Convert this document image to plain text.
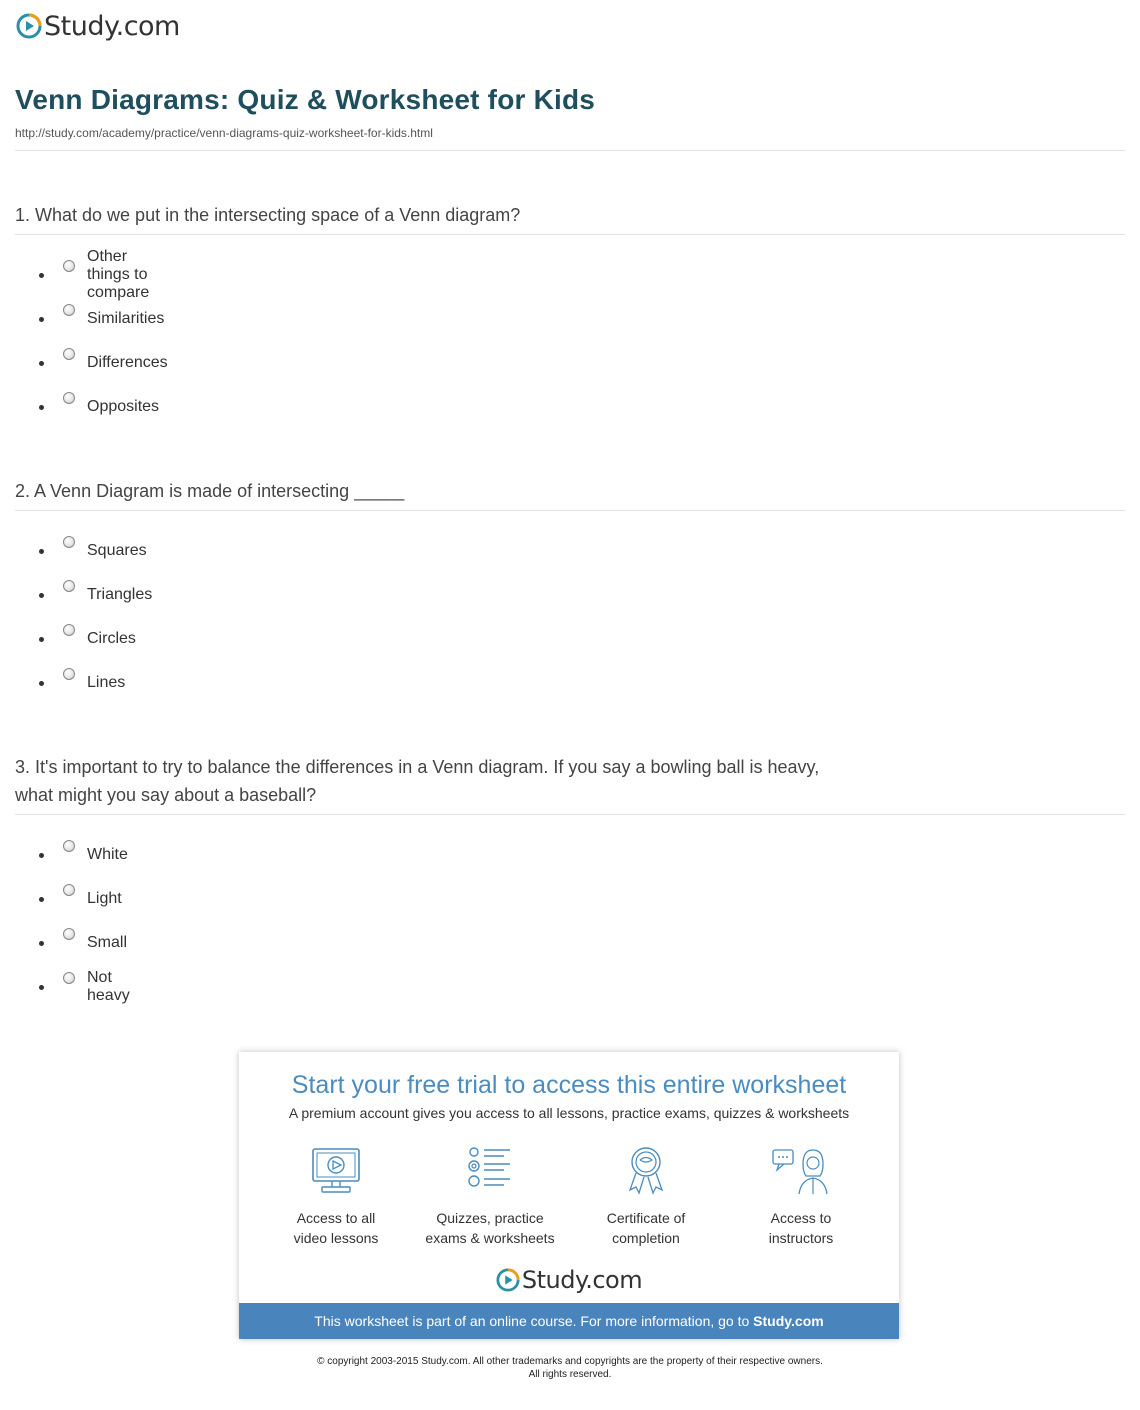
Study.com
Venn Diagrams: Quiz & Worksheet for Kids
http://study.com/academy/practice/venn-diagrams-quiz-worksheet-for-kids.html
1. What do we put in the intersecting space of a Venn diagram?
Other things to compare
Similarities
Differences
Opposites
2. A Venn Diagram is made of intersecting _____
Squares
Triangles
Circles
Lines
3. It's important to try to balance the differences in a Venn diagram. If you say a bowling ball is heavy,
what might you say about a baseball?
White
Light
Small
Not heavy
Start your free trial to access this entire worksheet
A premium account gives you access to all lessons, practice exams, quizzes & worksheets
Access to all
video lessons
Quizzes, practice
exams & worksheets
Certificate of
completion
Access to
instructors
Study.com
This worksheet is part of an online course. For more information, go to Study.com
© copyright 2003-2015 Study.com. All other trademarks and copyrights are the property of their respective owners.
All rights reserved.
